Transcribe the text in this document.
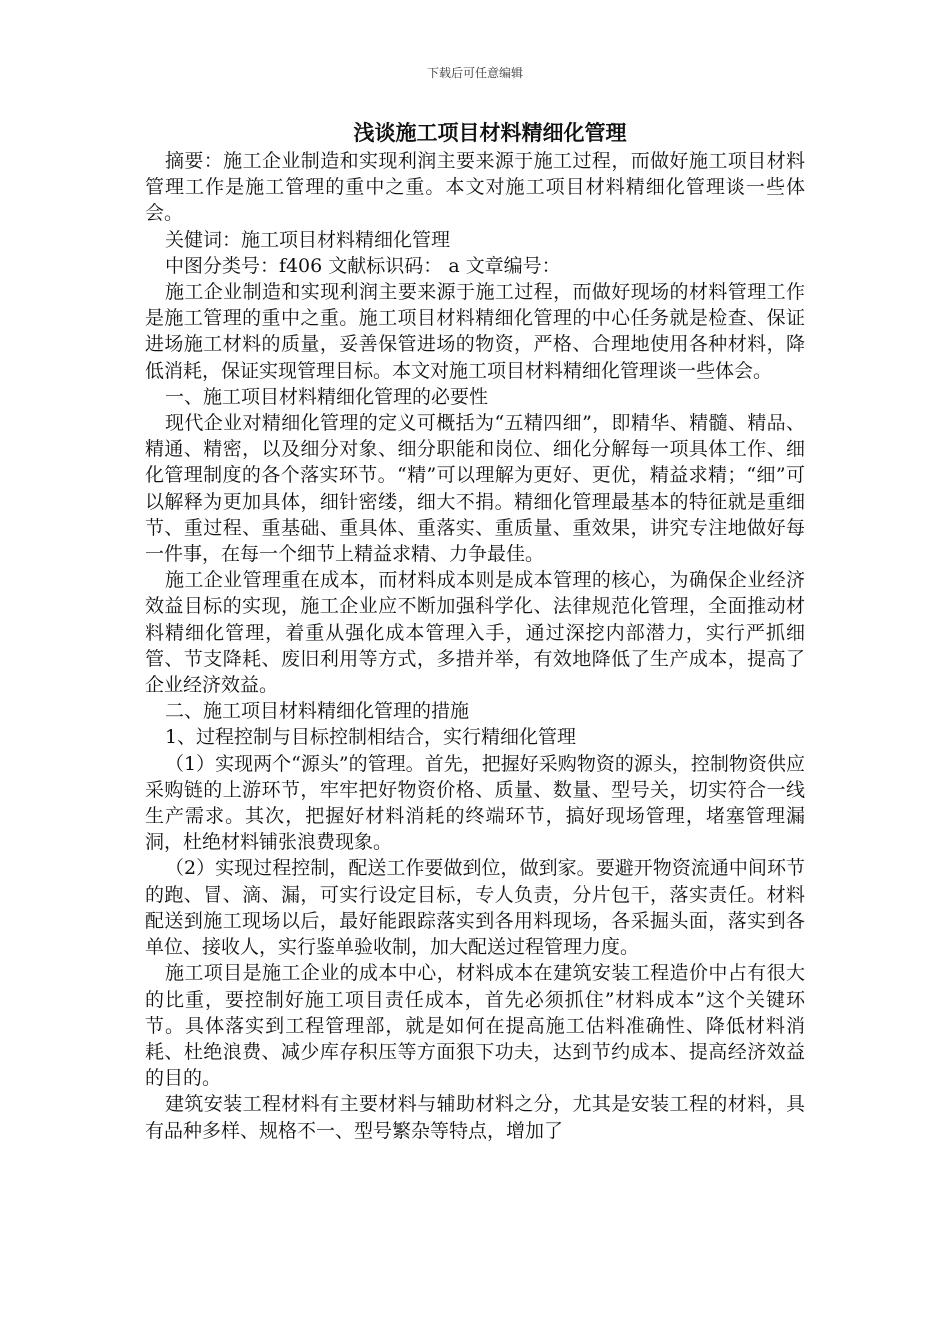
下载后可任意编辑
浅谈施工项目材料精细化管理

摘要：施工企业制造和实现利润主要来源于施工过程，而做好施工项目材料管理工作是施工管理的重中之重。本文对施工项目材料精细化管理谈一些体会。

关健词：施工项目材料精细化管理

中图分类号：f406 文献标识码： a 文章编号：

施工企业制造和实现利润主要来源于施工过程，而做好现场的材料管理工作是施工管理的重中之重。施工项目材料精细化管理的中心任务就是检查、保证进场施工材料的质量，妥善保管进场的物资，严格、合理地使用各种材料，降低消耗，保证实现管理目标。本文对施工项目材料精细化管理谈一些体会。

一、施工项目材料精细化管理的必要性

现代企业对精细化管理的定义可概括为“五精四细”，即精华、精髓、精品、精通、精密，以及细分对象、细分职能和岗位、细化分解每一项具体工作、细化管理制度的各个落实环节。“精”可以理解为更好、更优，精益求精；“细”可以解释为更加具体，细针密缕，细大不捐。精细化管理最基本的特征就是重细节、重过程、重基础、重具体、重落实、重质量、重效果，讲究专注地做好每一件事，在每一个细节上精益求精、力争最佳。

施工企业管理重在成本，而材料成本则是成本管理的核心，为确保企业经济效益目标的实现，施工企业应不断加强科学化、法律规范化管理，全面推动材料精细化管理，着重从强化成本管理入手，通过深挖内部潜力，实行严抓细管、节支降耗、废旧利用等方式，多措并举，有效地降低了生产成本，提高了企业经济效益。

二、施工项目材料精细化管理的措施

1、过程控制与目标控制相结合，实行精细化管理

（1）实现两个“源头”的管理。首先，把握好采购物资的源头，控制物资供应采购链的上游环节，牢牢把好物资价格、质量、数量、型号关，切实符合一线生产需求。其次，把握好材料消耗的终端环节，搞好现场管理，堵塞管理漏洞，杜绝材料铺张浪费现象。

（2）实现过程控制，配送工作要做到位，做到家。要避开物资流通中间环节的跑、冒、滴、漏，可实行设定目标，专人负责，分片包干，落实责任。材料配送到施工现场以后，最好能跟踪落实到各用料现场，各采掘头面，落实到各单位、接收人，实行鉴单验收制，加大配送过程管理力度。

施工项目是施工企业的成本中心，材料成本在建筑安装工程造价中占有很大的比重，要控制好施工项目责任成本，首先必须抓住”材料成本”这个关键环节。具体落实到工程管理部，就是如何在提高施工估料准确性、降低材料消耗、杜绝浪费、减少库存积压等方面狠下功夫，达到节约成本、提高经济效益的目的。

建筑安装工程材料有主要材料与辅助材料之分，尤其是安装工程的材料，具有品种多样、规格不一、型号繁杂等特点，增加了
